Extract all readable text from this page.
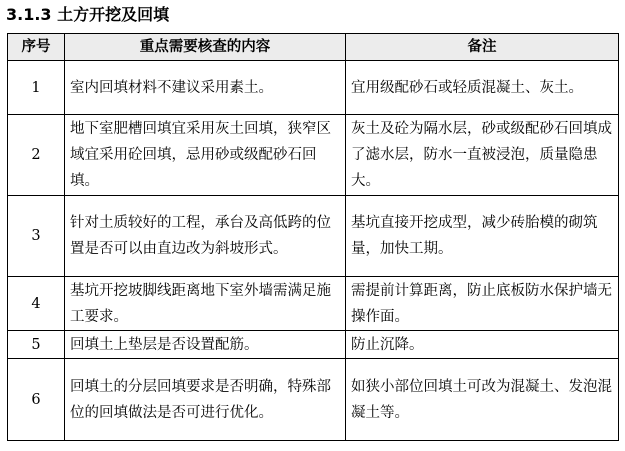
3.1.3 土方开挖及回填
序号	重点需要核查的内容	备注
1	室内回填材料不建议采用素土。	宜用级配砂石或轻质混凝土、灰土。
2	地下室肥槽回填宜采用灰土回填，狭窄区域宜采用砼回填，忌用砂或级配砂石回填。	灰土及砼为隔水层，砂或级配砂石回填成了滤水层，防水一直被浸泡，质量隐患大。
3	针对土质较好的工程，承台及高低跨的位置是否可以由直边改为斜坡形式。	基坑直接开挖成型，减少砖胎模的砌筑量，加快工期。
4	基坑开挖坡脚线距离地下室外墙需满足施工要求。	需提前计算距离，防止底板防水保护墙无操作面。
5	回填土上垫层是否设置配筋。	防止沉降。
6	回填土的分层回填要求是否明确，特殊部位的回填做法是否可进行优化。	如狭小部位回填土可改为混凝土、发泡混凝土等。
